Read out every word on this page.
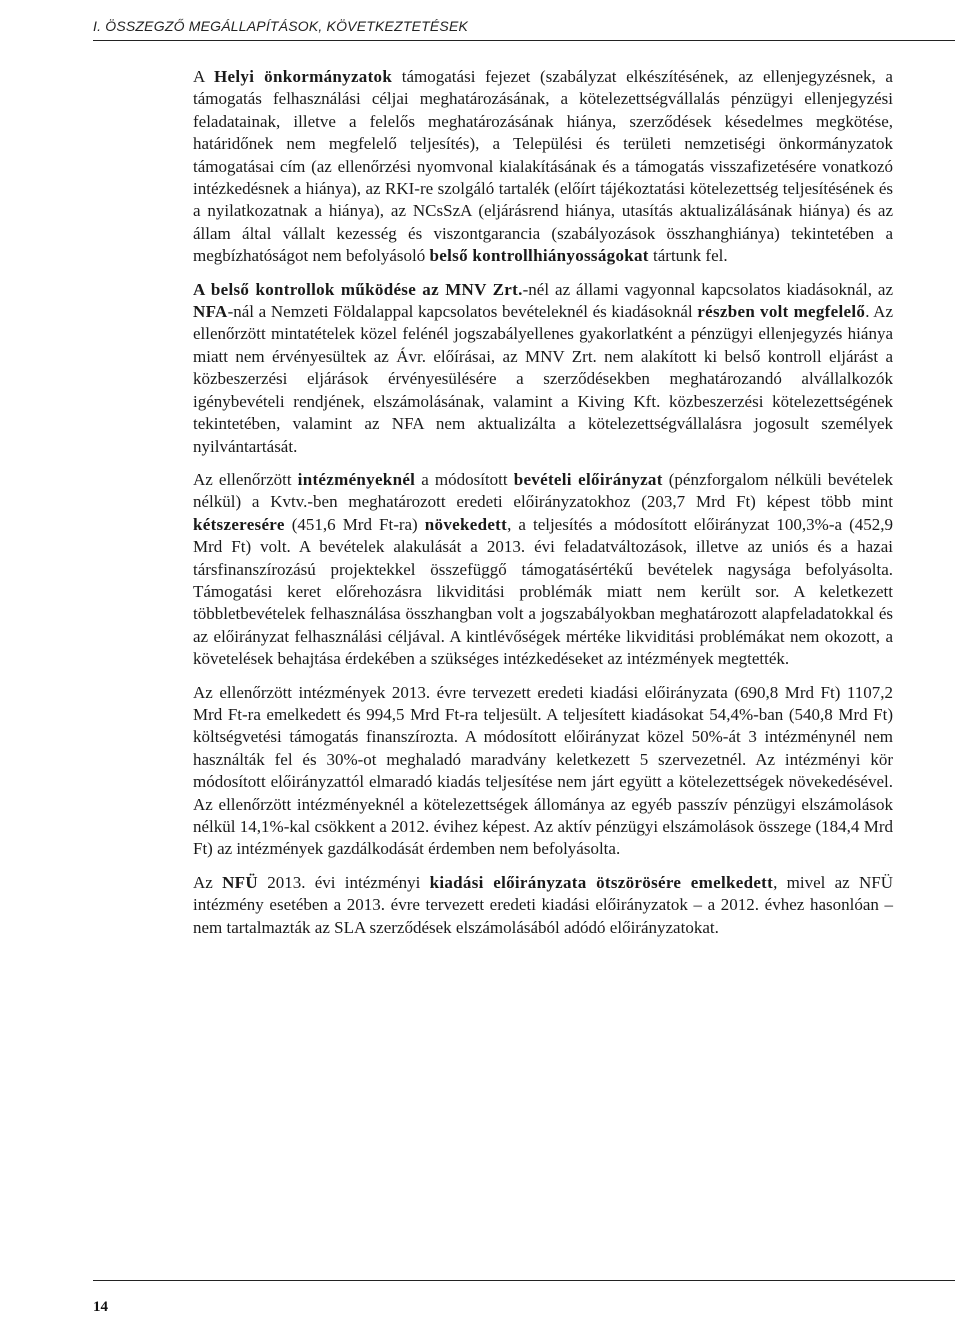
I. ÖSSZEGZŐ MEGÁLLAPÍTÁSOK, KÖVETKEZTETÉSEK

A Helyi önkormányzatok támogatási fejezet (szabályzat elkészítésének, az ellenjegyzésnek, a támogatás felhasználási céljai meghatározásának, a kötelezettségvállalás pénzügyi ellenjegyzési feladatainak, illetve a felelős meghatározásának hiánya, szerződések késedelmes megkötése, határidőnek nem megfelelő teljesítés), a Települési és területi nemzetiségi önkormányzatok támogatásai cím (az ellenőrzési nyomvonal kialakításának és a támogatás visszafizetésére vonatkozó intézkedésnek a hiánya), az RKI-re szolgáló tartalék (előírt tájékoztatási kötelezettség teljesítésének és a nyilatkozatnak a hiánya), az NCsSzA (eljárásrend hiánya, utasítás aktualizálásának hiánya) és az állam által vállalt kezesség és viszontgarancia (szabályozások összhanghiánya) tekintetében a megbízhatóságot nem befolyásoló belső kontrollhiányosságokat tártunk fel.

A belső kontrollok működése az MNV Zrt.-nél az állami vagyonnal kapcsolatos kiadásoknál, az NFA-nál a Nemzeti Földalappal kapcsolatos bevételeknél és kiadásoknál részben volt megfelelő. Az ellenőrzött mintatételek közel felénél jogszabályellenes gyakorlatként a pénzügyi ellenjegyzés hiánya miatt nem érvényesültek az Ávr. előírásai, az MNV Zrt. nem alakított ki belső kontroll eljárást a közbeszerzési eljárások érvényesülésére a szerződésekben meghatározandó alvállalkozók igénybevételi rendjének, elszámolásának, valamint a Kiving Kft. közbeszerzési kötelezettségének tekintetében, valamint az NFA nem aktualizálta a kötelezettségvállalásra jogosult személyek nyilvántartását.

Az ellenőrzött intézményeknél a módosított bevételi előirányzat (pénzforgalom nélküli bevételek nélkül) a Kvtv.-ben meghatározott eredeti előirányzatokhoz (203,7 Mrd Ft) képest több mint kétszeresére (451,6 Mrd Ft-ra) növekedett, a teljesítés a módosított előirányzat 100,3%-a (452,9 Mrd Ft) volt. A bevételek alakulását a 2013. évi feladatváltozások, illetve az uniós és a hazai társfinanszírozású projektekkel összefüggő támogatásértékű bevételek nagysága befolyásolta. Támogatási keret előrehozásra likviditási problémák miatt nem került sor. A keletkezett többletbevételek felhasználása összhangban volt a jogszabályokban meghatározott alapfeladatokkal és az előirányzat felhasználási céljával. A kintlévőségek mértéke likviditási problémákat nem okozott, a követelések behajtása érdekében a szükséges intézkedéseket az intézmények megtették.

Az ellenőrzött intézmények 2013. évre tervezett eredeti kiadási előirányzata (690,8 Mrd Ft) 1107,2 Mrd Ft-ra emelkedett és 994,5 Mrd Ft-ra teljesült. A teljesített kiadásokat 54,4%-ban (540,8 Mrd Ft) költségvetési támogatás finanszírozta. A módosított előirányzat közel 50%-át 3 intézménynél nem használták fel és 30%-ot meghaladó maradvány keletkezett 5 szervezetnél. Az intézményi kör módosított előirányzattól elmaradó kiadás teljesítése nem járt együtt a kötelezettségek növekedésével. Az ellenőrzött intézményeknél a kötelezettségek állománya az egyéb passzív pénzügyi elszámolások nélkül 14,1%-kal csökkent a 2012. évihez képest. Az aktív pénzügyi elszámolások összege (184,4 Mrd Ft) az intézmények gazdálkodását érdemben nem befolyásolta.

Az NFÜ 2013. évi intézményi kiadási előirányzata ötszörösére emelkedett, mivel az NFÜ intézmény esetében a 2013. évre tervezett eredeti kiadási előirányzatok – a 2012. évhez hasonlóan – nem tartalmazták az SLA szerződések elszámolásából adódó előirányzatokat.

14
